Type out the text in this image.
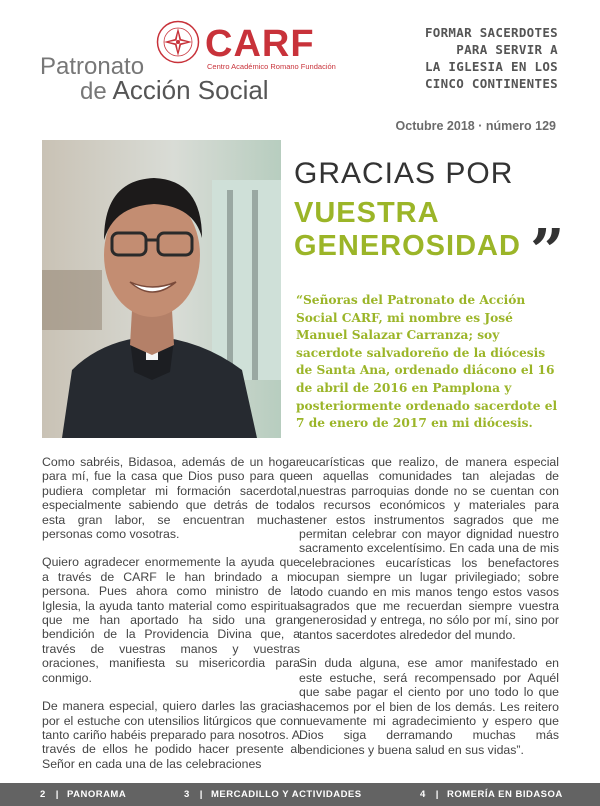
CARF
Centro Académico Romano Fundación
Patronato
de Acción Social
FORMAR SACERDOTES
PARA SERVIR A
LA IGLESIA EN LOS
CINCO CONTINENTES
Octubre 2018 · número 129
GRACIAS POR
VUESTRA
GENEROSIDAD ”
“Señoras del Patronato de Acción Social CARF, mi nombre es José Manuel Salazar Carranza; soy sacerdote salvadoreño de la diócesis de Santa Ana, ordenado diácono el 16 de abril de 2016 en Pamplona y posteriormente ordenado sacerdote el 7 de enero de 2017 en mi diócesis.

Como sabréis, Bidasoa, además de un hogar para mí, fue la casa que Dios puso para que pudiera completar mi formación sacerdotal, especialmente sabiendo que detrás de toda esta gran labor, se encuentran muchas personas como vosotras.

Quiero agradecer enormemente la ayuda que a través de CARF le han brindado a mi persona. Pues ahora como ministro de la Iglesia, la ayuda tanto material como espiritual que me han aportado ha sido una gran bendición de la Providencia Divina que, a través de vuestras manos y vuestras oraciones, manifiesta su misericordia para conmigo.

De manera especial, quiero darles las gracias por el estuche con utensilios litúrgicos que con tanto cariño habéis preparado para nosotros. A través de ellos he podido hacer presente al Señor en cada una de las celebraciones

eucarísticas que realizo, de manera especial en aquellas comunidades tan alejadas de nuestras parroquias donde no se cuentan con los recursos económicos y materiales para tener estos instrumentos sagrados que me permitan celebrar con mayor dignidad nuestro sacramento excelentísimo. En cada una de mis celebraciones eucarísticas los benefactores ocupan siempre un lugar privilegiado; sobre todo cuando en mis manos tengo estos vasos sagrados que me recuerdan siempre vuestra generosidad y entrega, no sólo por mí, sino por tantos sacerdotes alrededor del mundo.

Sin duda alguna, ese amor manifestado en este estuche, será recompensado por Aquél que sabe pagar el ciento por uno todo lo que hacemos por el bien de los demás. Les reitero nuevamente mi agradecimiento y espero que Dios siga derramando muchas más bendiciones y buena salud en sus vidas”.

2 | PANORAMA	3 | MERCADILLO Y ACTIVIDADES	4 | ROMERÍA EN BIDASOA
